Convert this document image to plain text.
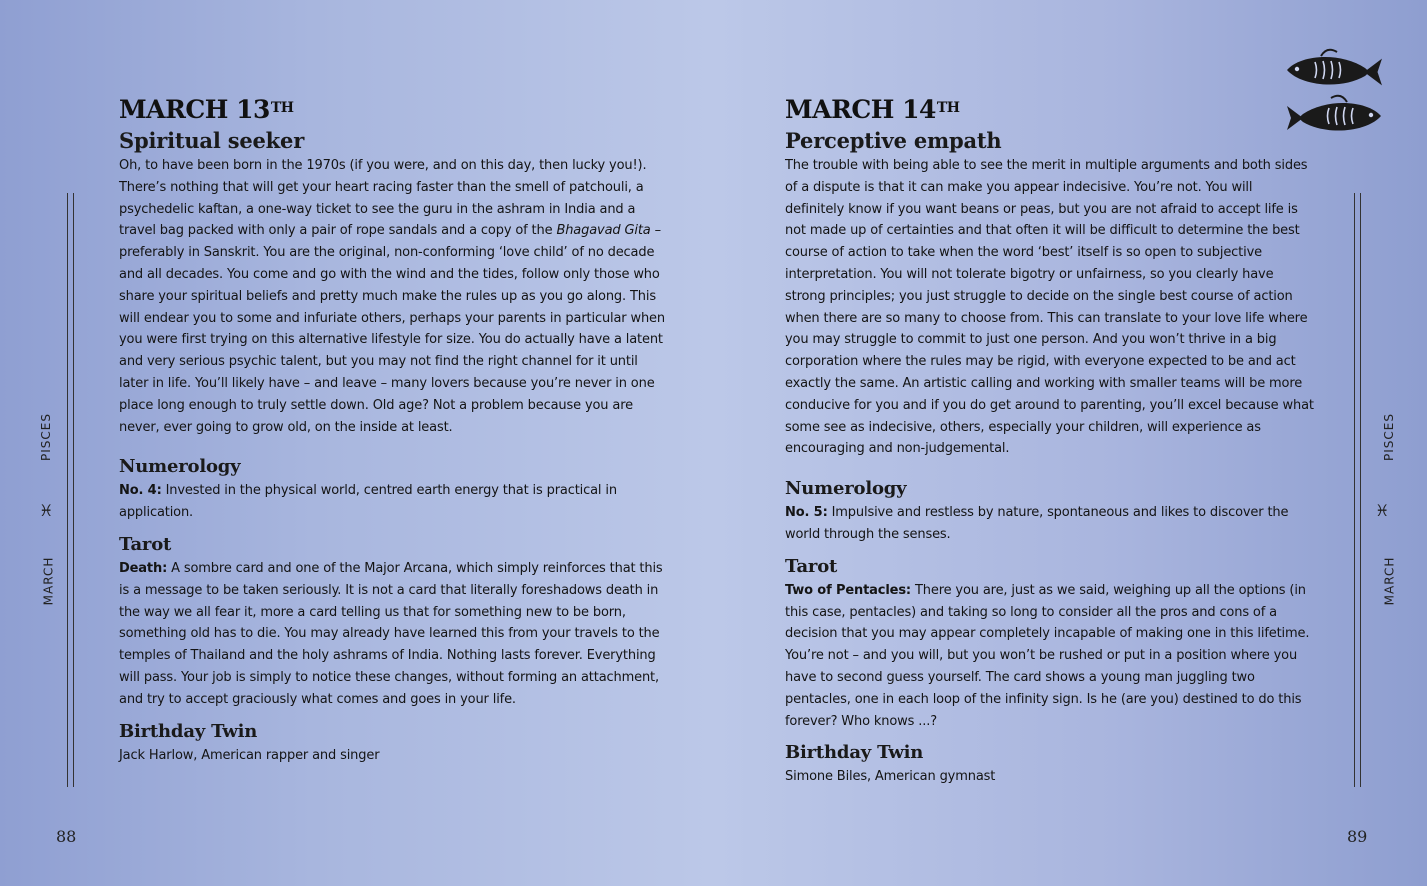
PISCES
♓
MARCH
MARCH 13TH
Spiritual seeker

Oh, to have been born in the 1970s (if you were, and on this day, then lucky you!). There’s nothing that will get your heart racing faster than the smell of patchouli, a psychedelic kaftan, a one-way ticket to see the guru in the ashram in India and a travel bag packed with only a pair of rope sandals and a copy of the Bhagavad Gita – preferably in Sanskrit. You are the original, non-conforming ‘love child’ of no decade and all decades. You come and go with the wind and the tides, follow only those who share your spiritual beliefs and pretty much make the rules up as you go along. This will endear you to some and infuriate others, perhaps your parents in particular when you were first trying on this alternative lifestyle for size. You do actually have a latent and very serious psychic talent, but you may not find the right channel for it until later in life. You’ll likely have – and leave – many lovers because you’re never in one place long enough to truly settle down. Old age? Not a problem because you are never, ever going to grow old, on the inside at least.

Numerology

No. 4: Invested in the physical world, centred earth energy that is practical in application.

Tarot

Death: A sombre card and one of the Major Arcana, which simply reinforces that this is a message to be taken seriously. It is not a card that literally foreshadows death in the way we all fear it, more a card telling us that for something new to be born, something old has to die. You may already have learned this from your travels to the temples of Thailand and the holy ashrams of India. Nothing lasts forever. Everything will pass. Your job is simply to notice these changes, without forming an attachment, and try to accept graciously what comes and goes in your life.

Birthday Twin

Jack Harlow, American rapper and singer

88
PISCES
♓
MARCH
MARCH 14TH
Perceptive empath

The trouble with being able to see the merit in multiple arguments and both sides of a dispute is that it can make you appear indecisive. You’re not. You will definitely know if you want beans or peas, but you are not afraid to accept life is not made up of certainties and that often it will be difficult to determine the best course of action to take when the word ‘best’ itself is so open to subjective interpretation. You will not tolerate bigotry or unfairness, so you clearly have strong principles; you just struggle to decide on the single best course of action when there are so many to choose from. This can translate to your love life where you may struggle to commit to just one person. And you won’t thrive in a big corporation where the rules may be rigid, with everyone expected to be and act exactly the same. An artistic calling and working with smaller teams will be more conducive for you and if you do get around to parenting, you’ll excel because what some see as indecisive, others, especially your children, will experience as encouraging and non-judgemental.

Numerology

No. 5: Impulsive and restless by nature, spontaneous and likes to discover the world through the senses.

Tarot

Two of Pentacles: There you are, just as we said, weighing up all the options (in this case, pentacles) and taking so long to consider all the pros and cons of a decision that you may appear completely incapable of making one in this lifetime. You’re not – and you will, but you won’t be rushed or put in a position where you have to second guess yourself. The card shows a young man juggling two pentacles, one in each loop of the infinity sign. Is he (are you) destined to do this forever? Who knows ...?

Birthday Twin

Simone Biles, American gymnast

89
